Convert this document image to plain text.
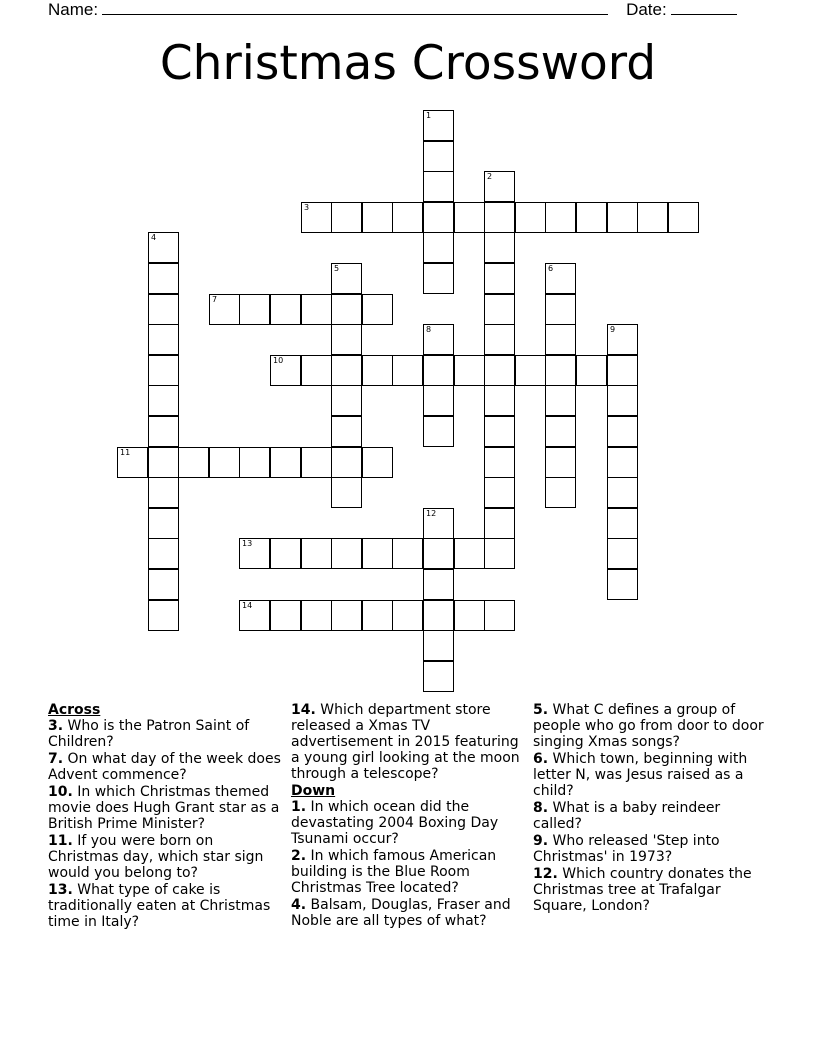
Name:	Date:
Christmas Crossword
1
2
3
4
5	6
7
8	9
10
11
12
13
14

Across

3. Who is the Patron Saint of Children?

7. On what day of the week does Advent commence?

10. In which Christmas themed movie does Hugh Grant star as a British Prime Minister?

11. If you were born on Christmas day, which star sign would you belong to?

13. What type of cake is traditionally eaten at Christmas time in Italy?

14. Which department store released a Xmas TV advertisement in 2015 featuring a young girl looking at the moon through a telescope?

Down

1. In which ocean did the devastating 2004 Boxing Day Tsunami occur?

2. In which famous American building is the Blue Room Christmas Tree located?

4. Balsam, Douglas, Fraser and Noble are all types of what?

5. What C defines a group of people who go from door to door singing Xmas songs?

6. Which town, beginning with letter N, was Jesus raised as a child?

8. What is a baby reindeer called?

9. Who released 'Step into Christmas' in 1973?

12. Which country donates the Christmas tree at Trafalgar Square, London?
